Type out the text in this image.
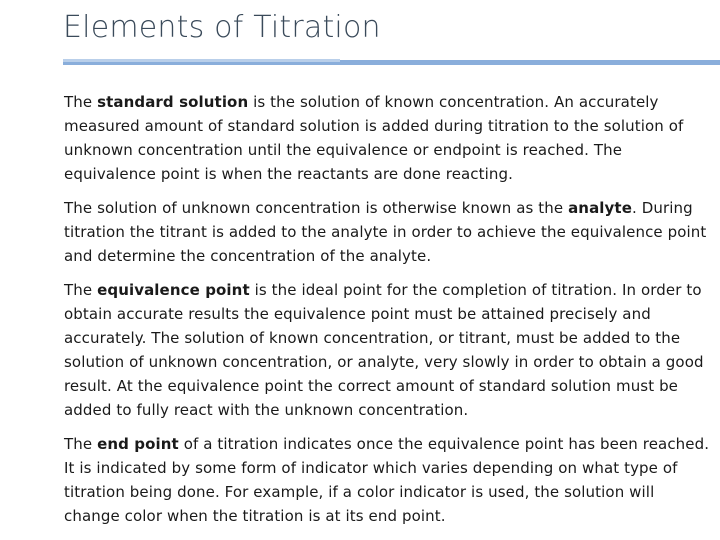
Elements of Titration

The standard solution is the solution of known concentration. An accurately measured amount of standard solution is added during titration to the solution of unknown concentration until the equivalence or endpoint is reached. The equivalence point is when the reactants are done reacting.

The solution of unknown concentration is otherwise known as the analyte. During titration the titrant is added to the analyte in order to achieve the equivalence point and determine the concentration of the analyte.

The equivalence point is the ideal point for the completion of titration. In order to obtain accurate results the equivalence point must be attained precisely and accurately. The solution of known concentration, or titrant, must be added to the solution of unknown concentration, or analyte, very slowly in order to obtain a good result. At the equivalence point the correct amount of standard solution must be added to fully react with the unknown concentration.

The end point of a titration indicates once the equivalence point has been reached. It is indicated by some form of indicator which varies depending on what type of titration being done. For example, if a color indicator is used, the solution will change color when the titration is at its end point.
